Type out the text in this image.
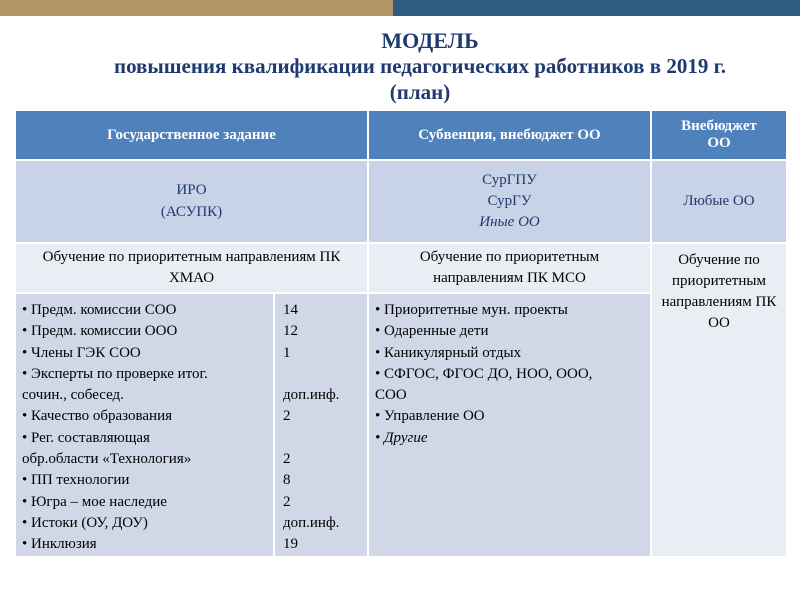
МОДЕЛЬ
повышения квалификации педагогических работников в 2019 г.
(план)
Государственное задание	Субвенция, внебюджет ОО
Внебюджет ОО
ИРО
(АСУПК)
СурГПУ
СурГУ
Иные ОО
Любые ОО
Обучение по приоритетным направлениям ПК ХМАО
Обучение по приоритетным направлениям ПК МСО
Обучение по приоритетным направлениям ПК ОО
• Предм. комиссии СОО
• Предм. комиссии ООО
• Члены ГЭК СОО
• Эксперты по проверке итог.
сочин., собесед.
• Качество образования
• Рег. составляющая
обр.области «Технология»
• ПП технологии
• Югра – мое наследие
• Истоки (ОУ, ДОУ)
• Инклюзия
14
12
1
доп.инф.
2
2
8
2
доп.инф.
19
• Приоритетные мун. проекты
• Одаренные дети
• Каникулярный отдых
• СФГОС, ФГОС ДО, НОО, ООО,
СОО
• Управление ОО
• Другие
